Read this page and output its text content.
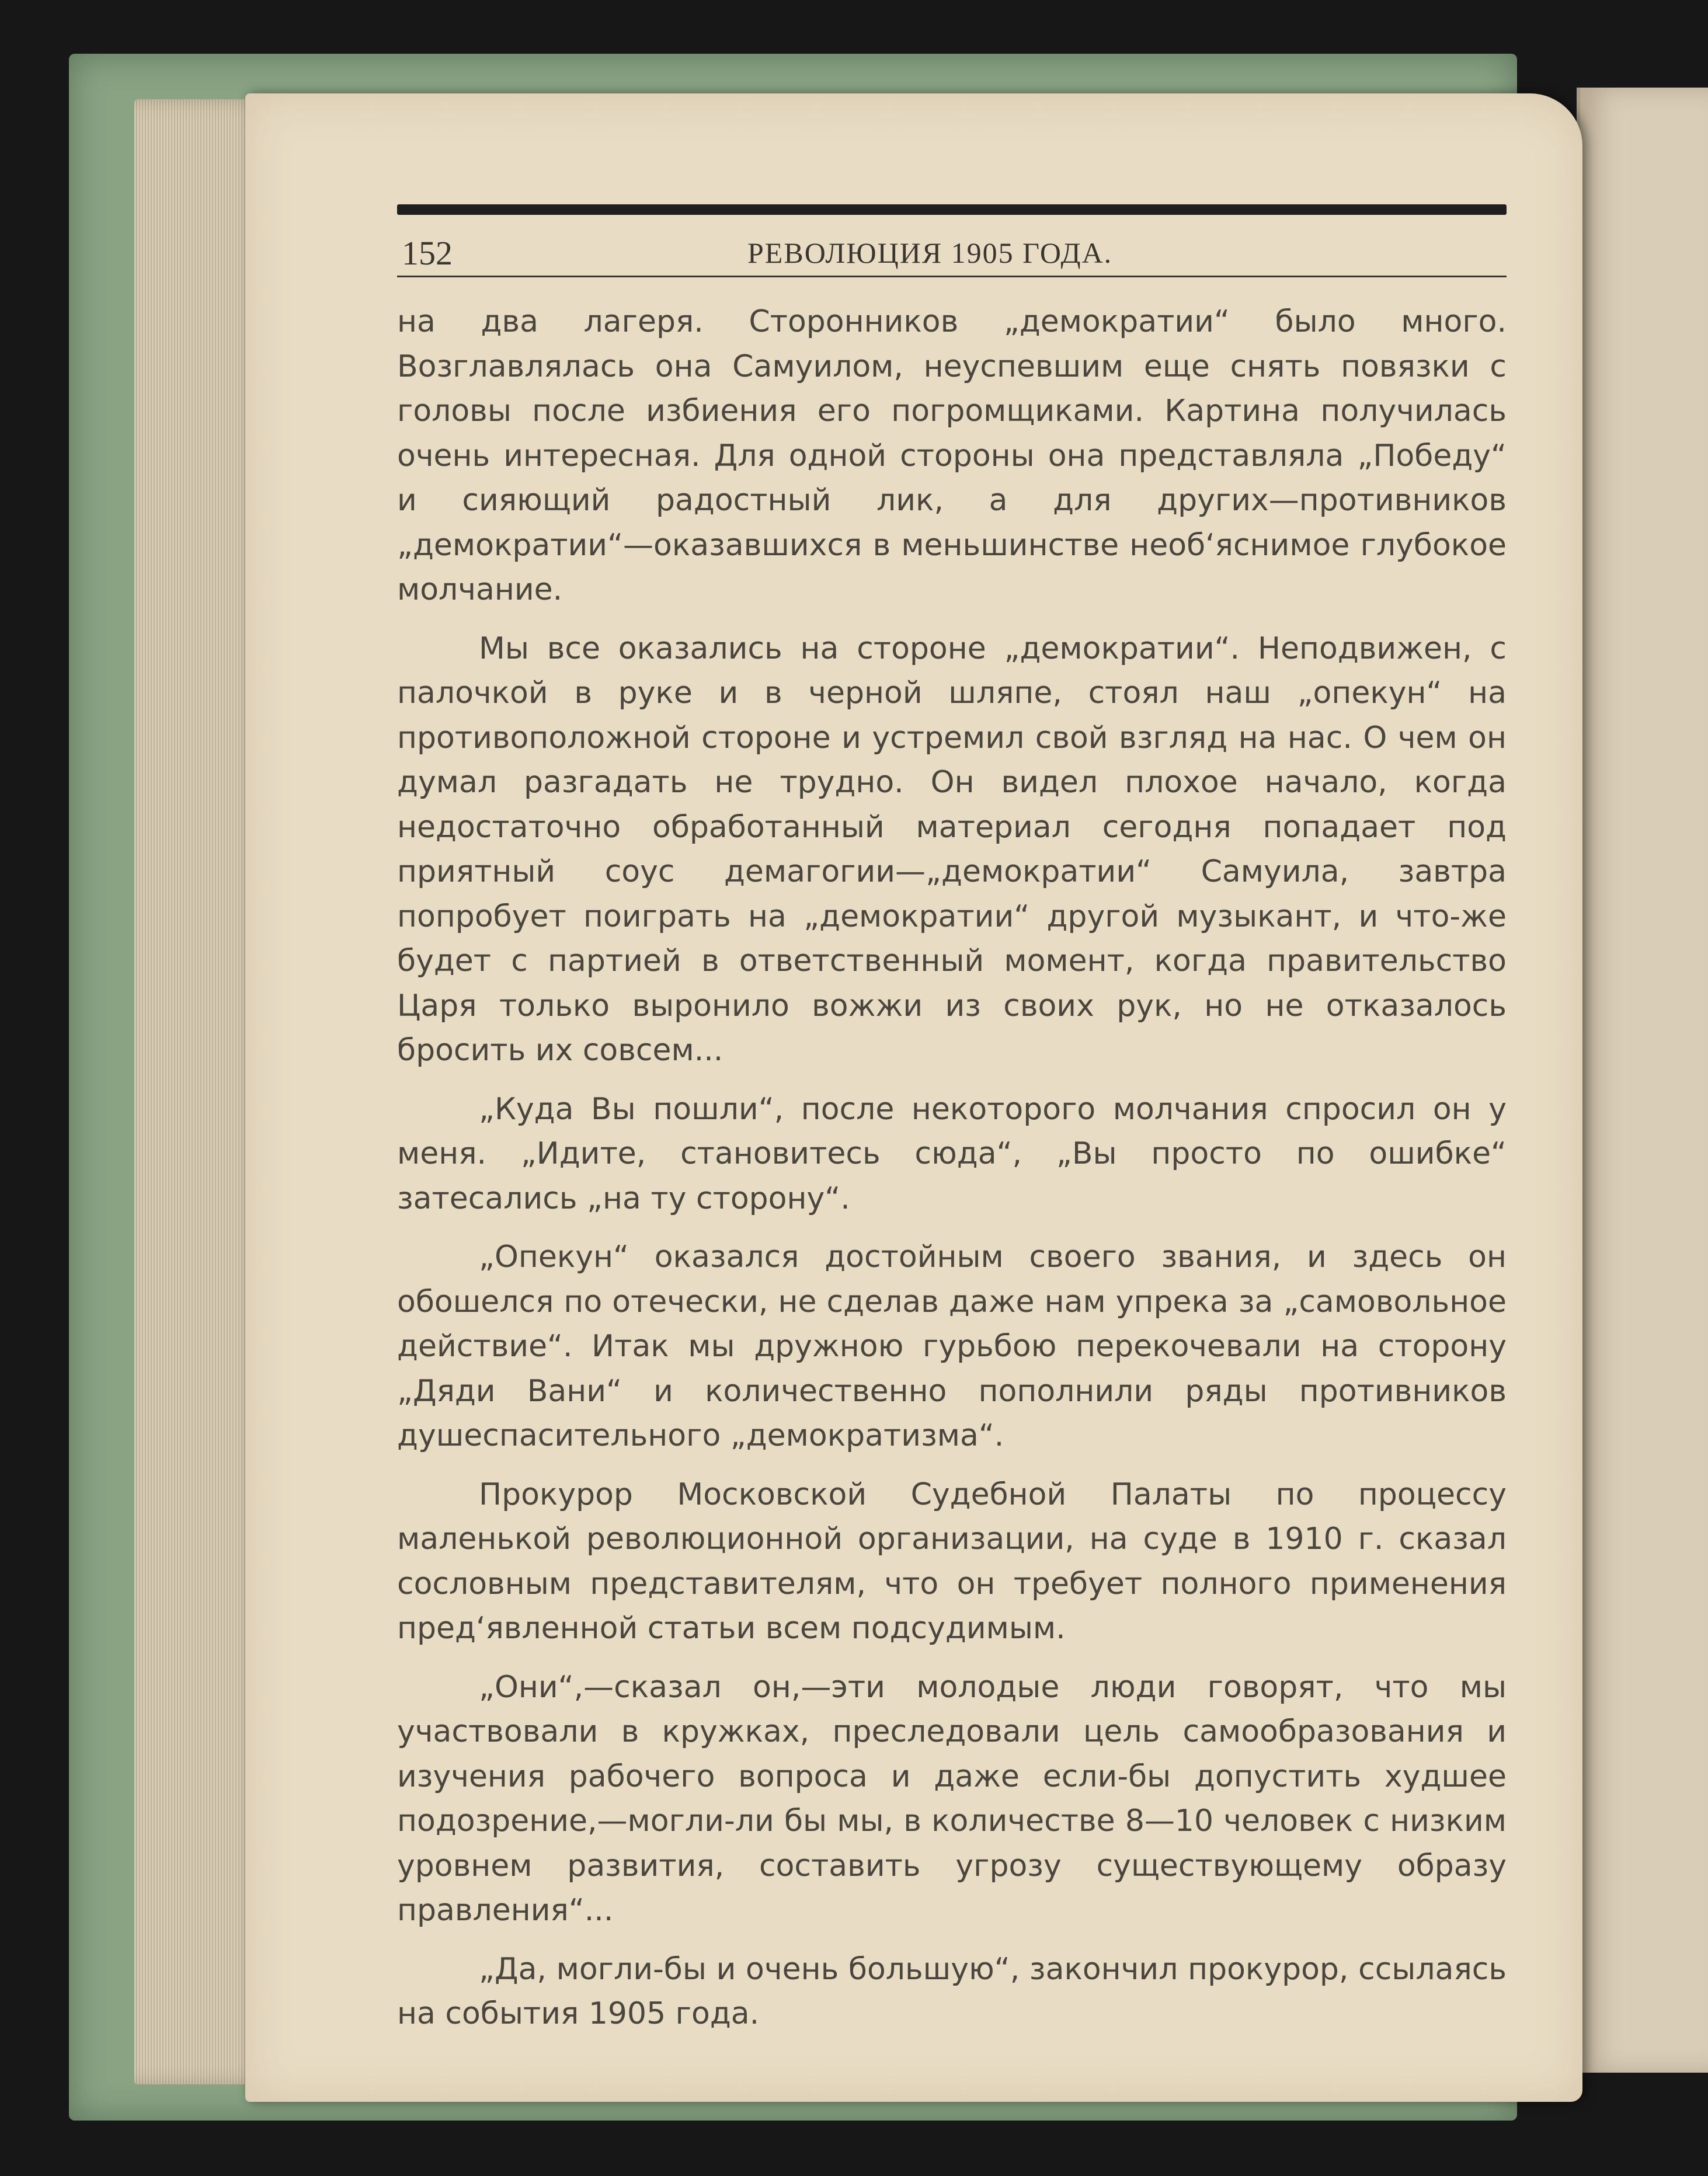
152	РЕВОЛЮЦИЯ 1905 ГОДА.

на два лагеря. Сторонников „демократии“ было много. Возглавлялась она Самуилом, неуспевшим еще снять повязки с головы после избиения его погромщиками. Картина получилась очень интересная. Для одной стороны она представляла „Победу“ и сияющий радостный лик, а для других—противников „демократии“—оказавшихся в меньшинстве необ‘яснимое глубокое молчание.

Мы все оказались на стороне „демократии“. Неподвижен, с палочкой в руке и в черной шляпе, стоял наш „опекун“ на противоположной стороне и устремил свой взгляд на нас. О чем он думал разгадать не трудно. Он видел плохое начало, когда недостаточно обработанный материал сегодня попадает под приятный соус демагогии—„демократии“ Самуила, завтра попробует поиграть на „демократии“ другой музыкант, и что-же будет с партией в ответственный момент, когда правительство Царя только выронило вожжи из своих рук, но не отказалось бросить их совсем...

„Куда Вы пошли“, после некоторого молчания спросил он у меня. „Идите, становитесь сюда“, „Вы просто по ошибке“ затесались „на ту сторону“.

„Опекун“ оказался достойным своего звания, и здесь он обошелся по отечески, не сделав даже нам упрека за „самовольное действие“. Итак мы дружною гурьбою перекочевали на сторону „Дяди Вани“ и количественно пополнили ряды противников душеспасительного „демократизма“.

Прокурор Московской Судебной Палаты по процессу маленькой революционной организации, на суде в 1910 г. сказал сословным представителям, что он требует полного применения пред‘явленной статьи всем подсудимым.

„Они“,—сказал он,—эти молодые люди говорят, что мы участвовали в кружках, преследовали цель самообразования и изучения рабочего вопроса и даже если-бы допустить худшее подозрение,—могли-ли бы мы, в количестве 8—10 человек с низким уровнем развития, составить угрозу существующему образу правления“...

„Да, могли-бы и очень большую“, закончил прокурор, ссылаясь на события 1905 года.
